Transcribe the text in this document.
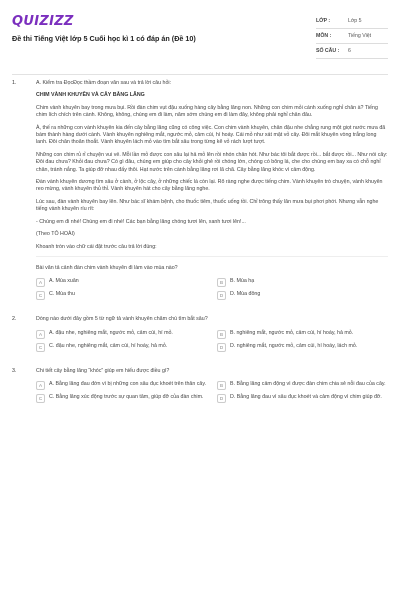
QUIZIZZ
Đề thi Tiếng Việt lớp 5 Cuối học kì 1 có đáp án (Đề 10)
LỚP :	Lớp 5
MÔN :	Tiếng Việt
SỐ CÂU :	6
1.	A. Kiểm tra ĐọcĐọc thầm đoạn văn sau và trả lời câu hỏi:
CHIM VÀNH KHUYÊN VÀ CÂY BẰNG LĂNG
Chim vành khuyên bay trong mưa bụi. Rồi đàn chim vụt đậu xuống hàng cây bằng lăng non. Những con chim mỏi cánh xuống nghỉ chân à? Tiếng chim lích chích trên cành. Không, không, chúng em đi làm, năm sớm chúng em đi làm đây, không phải nghỉ chân đâu.
À, thế ra những con vành khuyên kia đến cây bằng lăng cũng có công việc. Con chim vành khuyên, chân đậu nhe chẳng rung một giọt nước mưa đã bám thành hàng dưới cành. Vành khuyên nghiêng mắt, ngước mỏ, cảm cúi, hí hoáy. Cái mỏ như xát mật vỏ cây. Đôi mắt khuyên vòng trắng long lanh. Đôi chân thoăn thoắt. Vành khuyên lách mỏ vào tìm bắt sâu trong từng kẽ vỏ rách lượt tượt.
Những con chim rủ rỉ chuyện vui vẻ. Mỗi lần mỏ được con sâu lại hả mỏ lên rồi nhón chân hót. Như bác tôi bắt được rồi... bắt được rồi... Như nói cây: Đôi đau chưa? Khỏi đau chưa? Có gì đâu, chúng em giúp cho cây khỏi ghẻ rồi chóng lớn, chóng có bông lá, che cho chúng em bay xa có chỗ nghỉ chân, tránh nắng. Ta giúp đỡ nhau đấy thôi. Hạt nước trên cành bằng lăng rơi lã chã. Cây bằng lăng khóc vì cảm động.
Đàn vành khuyên dương tìm sâu ở cành, ở lộc cây, ở những chiếc lá còn lại. Rõ ràng nghe được tiếng chim. Vành khuyên trò chuyện, vành khuyên reo mừng, vành khuyên thủ thỉ. Vành khuyên hát cho cây bằng lăng nghe.
Lúc sau, đàn vành khuyên bay lên. Như bác sĩ khám bệnh, cho thuốc tiêm, thuốc uống tồi. Chỉ trông thấy lăn mưa bụi phơi phới. Nhưng vẫn nghe tiếng vành khuyên ríu rít:
- Chúng em đi nhé! Chúng em đi nhé! Các bạn bằng lăng chóng tươi lên, xanh tươi lên!...
(Theo TÔ HOÀI)
Khoanh tròn vào chữ cái đặt trước câu trả lời đúng:
Bài văn tả cảnh đàn chim vành khuyên đi làm vào mùa nào?
A	A. Mùa xuân	B	B. Mùa hạ
C	C. Mùa thu	D	D. Mùa đông
2.	Dòng nào dưới đây gồm 5 từ ngữ tả vành khuyên chăm chú tìm bắt sâu?
A	A. đậu nhe, nghiêng mắt, ngước mỏ, cảm cúi, hí mỏ.	B	B. nghiêng mắt, ngước mỏ, cảm cúi, hí hoáy, hả mỏ.
C	C. đậu nhe, nghiêng mắt, cảm cúi, hí hoáy, hả mỏ.	D	D. nghiêng mắt, ngước mỏ, cảm cúi, hí hoáy, lách mỏ.
3.	Chi tiết cây bằng lăng “khóc” giúp em hiểu được điều gì?
A	A. Bằng lăng đau đớn vì bị những con sâu đục khoét trên thân cây.	B	B. Bằng lăng cảm động vì được đàn chim chia sẻ nỗi đau của cây.
C	C. Bằng lăng xúc động trước sự quan tâm, giúp đỡ của đàn chim.	D	D. Bằng lăng đau vì sâu đục khoét và cảm động vì chim giúp đỡ.
